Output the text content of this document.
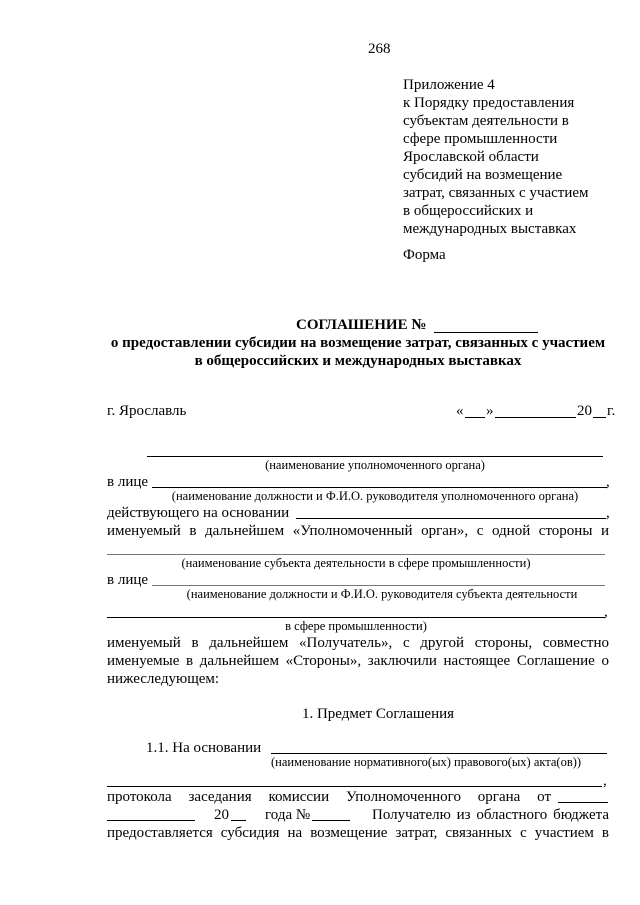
268
Приложение 4
к Порядку предоставления
субъектам деятельности в
сфере промышленности
Ярославской области
субсидий на возмещение
затрат, связанных с участием
в общероссийских и
международных выставках
Форма
СОГЛАШЕНИЕ №
о предоставлении субсидии на возмещение затрат, связанных с участием
в общероссийских и международных выставках
г. Ярославль	« »	20 г.
(наименование уполномоченного органа)
в лице	,
(наименование должности и Ф.И.О. руководителя уполномоченного органа)
действующего на основании	,
именуемый в дальнейшем «Уполномоченный орган», с одной стороны и
(наименование субъекта деятельности в сфере промышленности)
в лице
(наименование должности и Ф.И.О. руководителя субъекта деятельности
,
в сфере промышленности)
именуемый в дальнейшем «Получатель», с другой стороны, совместно
именуемые в дальнейшем «Стороны», заключили настоящее Соглашение о
нижеследующем:
1. Предмет Соглашения
1.1. На основании
(наименование нормативного(ых) правового(ых) акта(ов))
,
протокола заседания комиссии Уполномоченного органа от
20 года №	Получателю из областного бюджета
предоставляется субсидия на возмещение затрат, связанных с участием в
